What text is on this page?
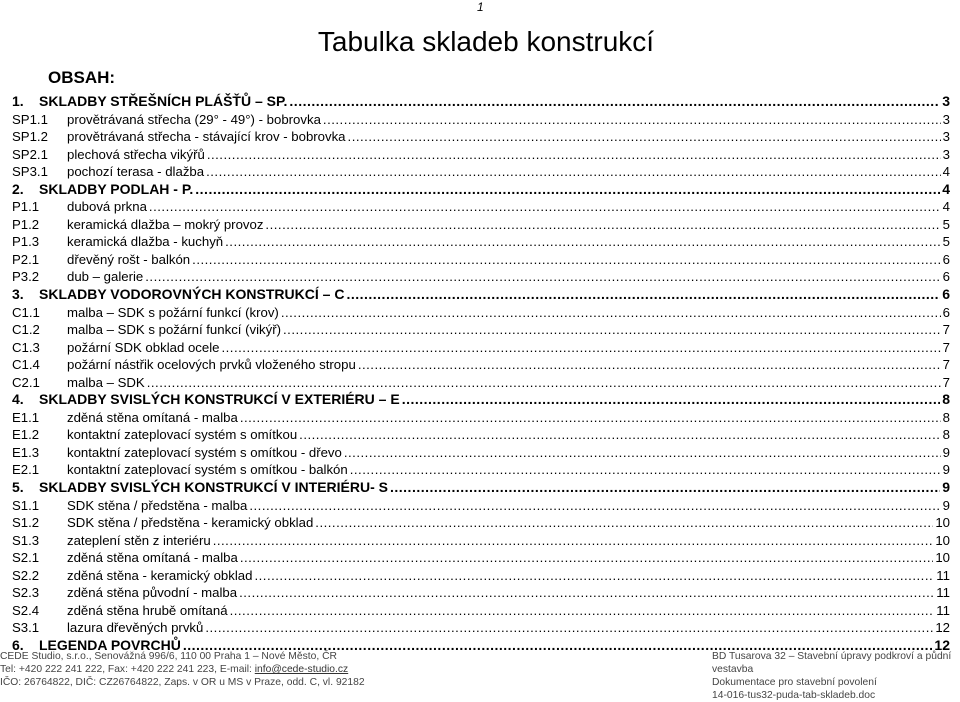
1
Tabulka skladeb konstrukcí
OBSAH:
1.	SKLADBY STŘEŠNÍCH PLÁŠŤŮ – SP. .....	3
SP1.1	provětrávaná střecha (29° - 49°) - bobrovka .....	3
SP1.2	provětrávaná střecha - stávající krov - bobrovka .....	3
SP2.1	plechová střecha vikýřů .....	3
SP3.1	pochozí terasa - dlažba .....	4
2.	SKLADBY PODLAH - P. .....	4
P1.1	dubová prkna .....	4
P1.2	keramická dlažba – mokrý provoz .....	5
P1.3	keramická dlažba - kuchyň .....	5
P2.1	dřevěný rošt - balkón .....	6
P3.2	dub – galerie .....	6
3.	SKLADBY VODOROVNÝCH KONSTRUKCÍ – C .....	6
C1.1	malba – SDK s požární funkcí (krov) .....	6
C1.2	malba – SDK s požární funkcí (vikýř) .....	7
C1.3	požární SDK obklad ocele .....	7
C1.4	požární nástřik ocelových prvků vloženého stropu .....	7
C2.1	malba – SDK .....	7
4.	SKLADBY SVISLÝCH KONSTRUKCÍ V EXTERIÉRU – E .....	8
E1.1	zděná stěna omítaná - malba .....	8
E1.2	kontaktní zateplovací systém s omítkou .....	8
E1.3	kontaktní zateplovací systém s omítkou - dřevo .....	9
E2.1	kontaktní zateplovací systém s omítkou - balkón .....	9
5.	SKLADBY SVISLÝCH KONSTRUKCÍ V INTERIÉRU- S .....	9
S1.1	SDK stěna / předstěna - malba .....	9
S1.2	SDK stěna / předstěna - keramický obklad .....	10
S1.3	zateplení stěn z interiéru .....	10
S2.1	zděná stěna omítaná - malba .....	10
S2.2	zděná stěna - keramický obklad .....	11
S2.3	zděná stěna původní - malba .....	11
S2.4	zděná stěna hrubě omítaná .....	11
S3.1	lazura dřevěných prvků .....	12
6.	LEGENDA POVRCHŮ .....	12
CEDE Studio, s.r.o., Senovážná 996/6, 110 00 Praha 1 – Nové Město, ČR
Tel: +420 222 241 222, Fax: +420 222 241 223, E-mail: info@cede-studio.cz
IČO: 26764822, DIČ: CZ26764822, Zaps. v OR u MS v Praze, odd. C, vl. 92182
BD Tusarova 32 – Stavební úpravy podkroví a půdní vestavba
Dokumentace pro stavební povolení
14-016-tus32-puda-tab-skladeb.doc
